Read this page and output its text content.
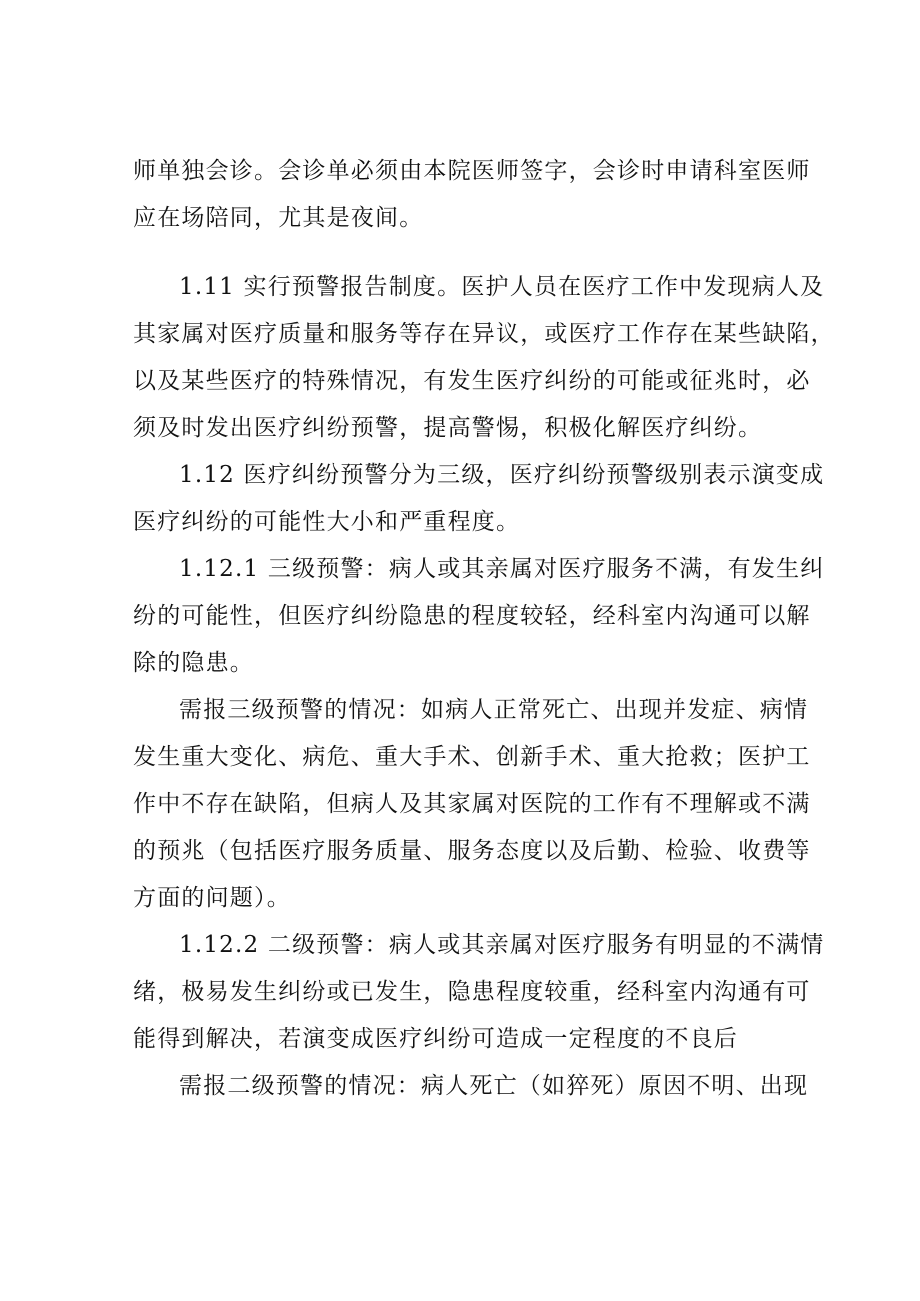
师单独会诊。会诊单必须由本院医师签字，会诊时申请科室医师
应在场陪同，尤其是夜间。

1.11 实行预警报告制度。医护人员在医疗工作中发现病人及
其家属对医疗质量和服务等存在异议，或医疗工作存在某些缺陷，
以及某些医疗的特殊情况，有发生医疗纠纷的可能或征兆时，必
须及时发出医疗纠纷预警，提高警惕，积极化解医疗纠纷。

1.12 医疗纠纷预警分为三级，医疗纠纷预警级别表示演变成
医疗纠纷的可能性大小和严重程度。

1.12.1 三级预警：病人或其亲属对医疗服务不满，有发生纠
纷的可能性，但医疗纠纷隐患的程度较轻，经科室内沟通可以解
除的隐患。

需报三级预警的情况：如病人正常死亡、出现并发症、病情
发生重大变化、病危、重大手术、创新手术、重大抢救；医护工
作中不存在缺陷，但病人及其家属对医院的工作有不理解或不满
的预兆（包括医疗服务质量、服务态度以及后勤、检验、收费等
方面的问题）。

1.12.2 二级预警：病人或其亲属对医疗服务有明显的不满情
绪，极易发生纠纷或已发生，隐患程度较重，经科室内沟通有可
能得到解决，若演变成医疗纠纷可造成一定程度的不良后

需报二级预警的情况：病人死亡（如猝死）原因不明、出现
